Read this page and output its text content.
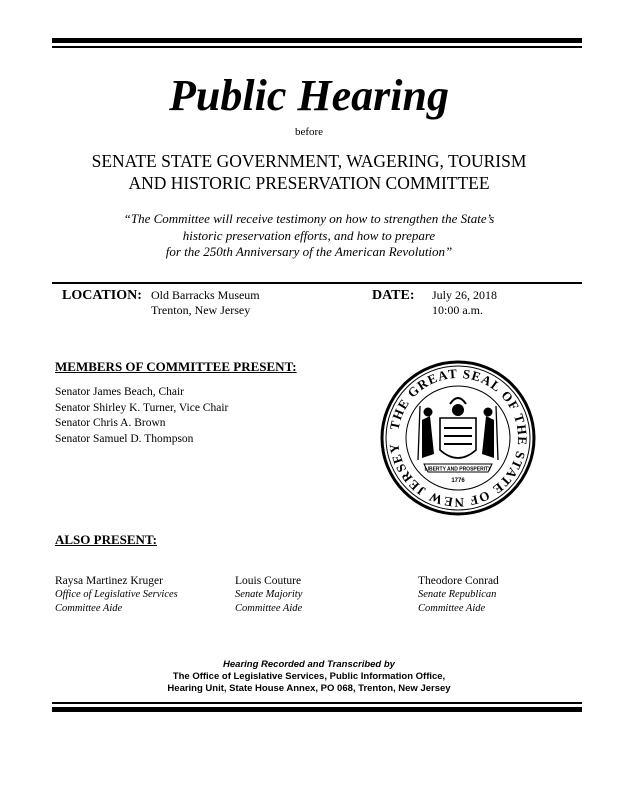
Public Hearing
before
SENATE STATE GOVERNMENT, WAGERING, TOURISM
AND HISTORIC PRESERVATION COMMITTEE
“The Committee will receive testimony on how to strengthen the State’s
historic preservation efforts, and how to prepare
for the 250th Anniversary of the American Revolution”
LOCATION: Old Barracks Museum
Trenton, New Jersey
DATE: July 26, 2018
10:00 a.m.
MEMBERS OF COMMITTEE PRESENT:
Senator James Beach, Chair
Senator Shirley K. Turner, Vice Chair
Senator Chris A. Brown
Senator Samuel D. Thompson
THE GREAT SEAL OF THE STATE OF NEW JERSEY
LIBERTY AND PROSPERITY
1776
ALSO PRESENT:
Raysa Martinez Kruger
Office of Legislative Services
Committee Aide
Louis Couture
Senate Majority
Committee Aide
Theodore Conrad
Senate Republican
Committee Aide
Hearing Recorded and Transcribed by
The Office of Legislative Services, Public Information Office,
Hearing Unit, State House Annex, PO 068, Trenton, New Jersey
